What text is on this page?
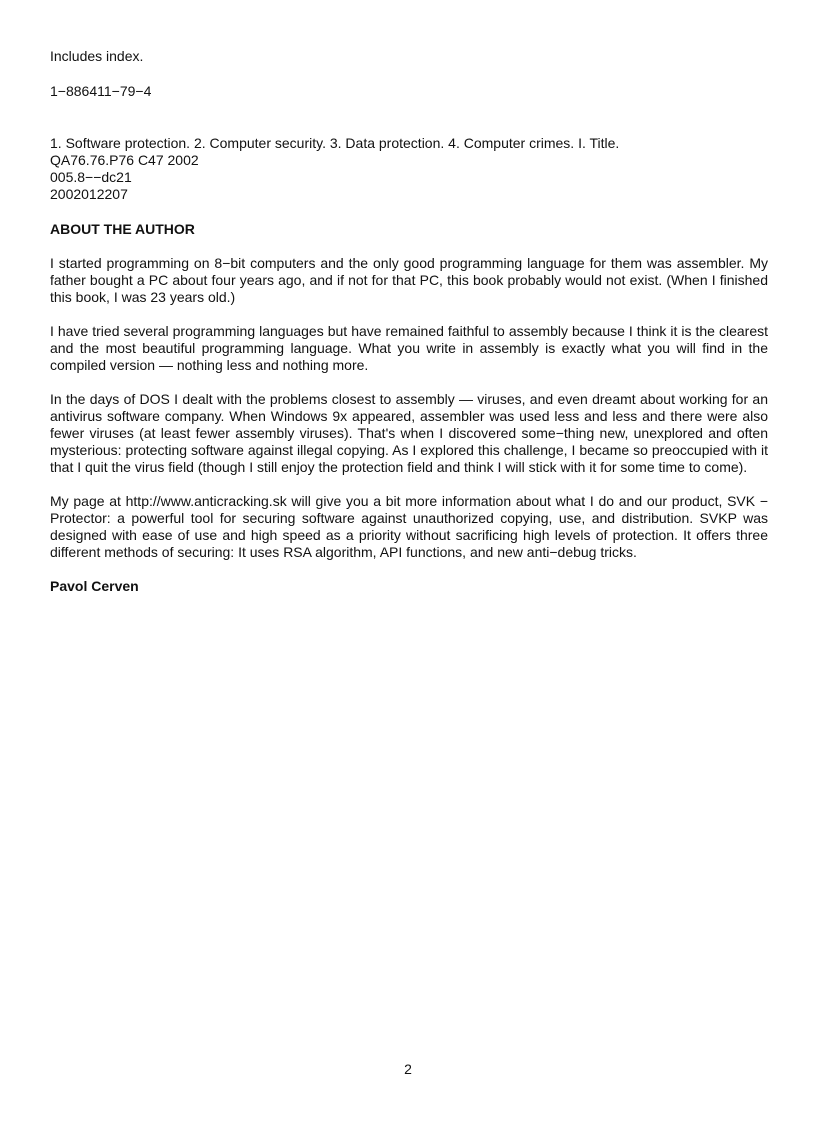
Includes index.

1−886411−79−4

1. Software protection. 2. Computer security. 3. Data protection. 4. Computer crimes. I. Title.

QA76.76.P76 C47 2002

005.8−−dc21

2002012207

ABOUT THE AUTHOR

I started programming on 8−bit computers and the only good programming language for them was assembler. My father bought a PC about four years ago, and if not for that PC, this book probably would not exist. (When I finished this book, I was 23 years old.)

I have tried several programming languages but have remained faithful to assembly because I think it is the clearest and the most beautiful programming language. What you write in assembly is exactly what you will find in the compiled version — nothing less and nothing more.

In the days of DOS I dealt with the problems closest to assembly — viruses, and even dreamt about working for an antivirus software company. When Windows 9x appeared, assembler was used less and less and there were also fewer viruses (at least fewer assembly viruses). That's when I discovered some−thing new, unexplored and often mysterious: protecting software against illegal copying. As I explored this challenge, I became so preoccupied with it that I quit the virus field (though I still enjoy the protection field and think I will stick with it for some time to come).

My page at http://www.anticracking.sk will give you a bit more information about what I do and our product, SVK − Protector: a powerful tool for securing software against unauthorized copying, use, and distribution. SVKP was designed with ease of use and high speed as a priority without sacrificing high levels of protection. It offers three different methods of securing: It uses RSA algorithm, API functions, and new anti−debug tricks.

Pavol Cerven

2
